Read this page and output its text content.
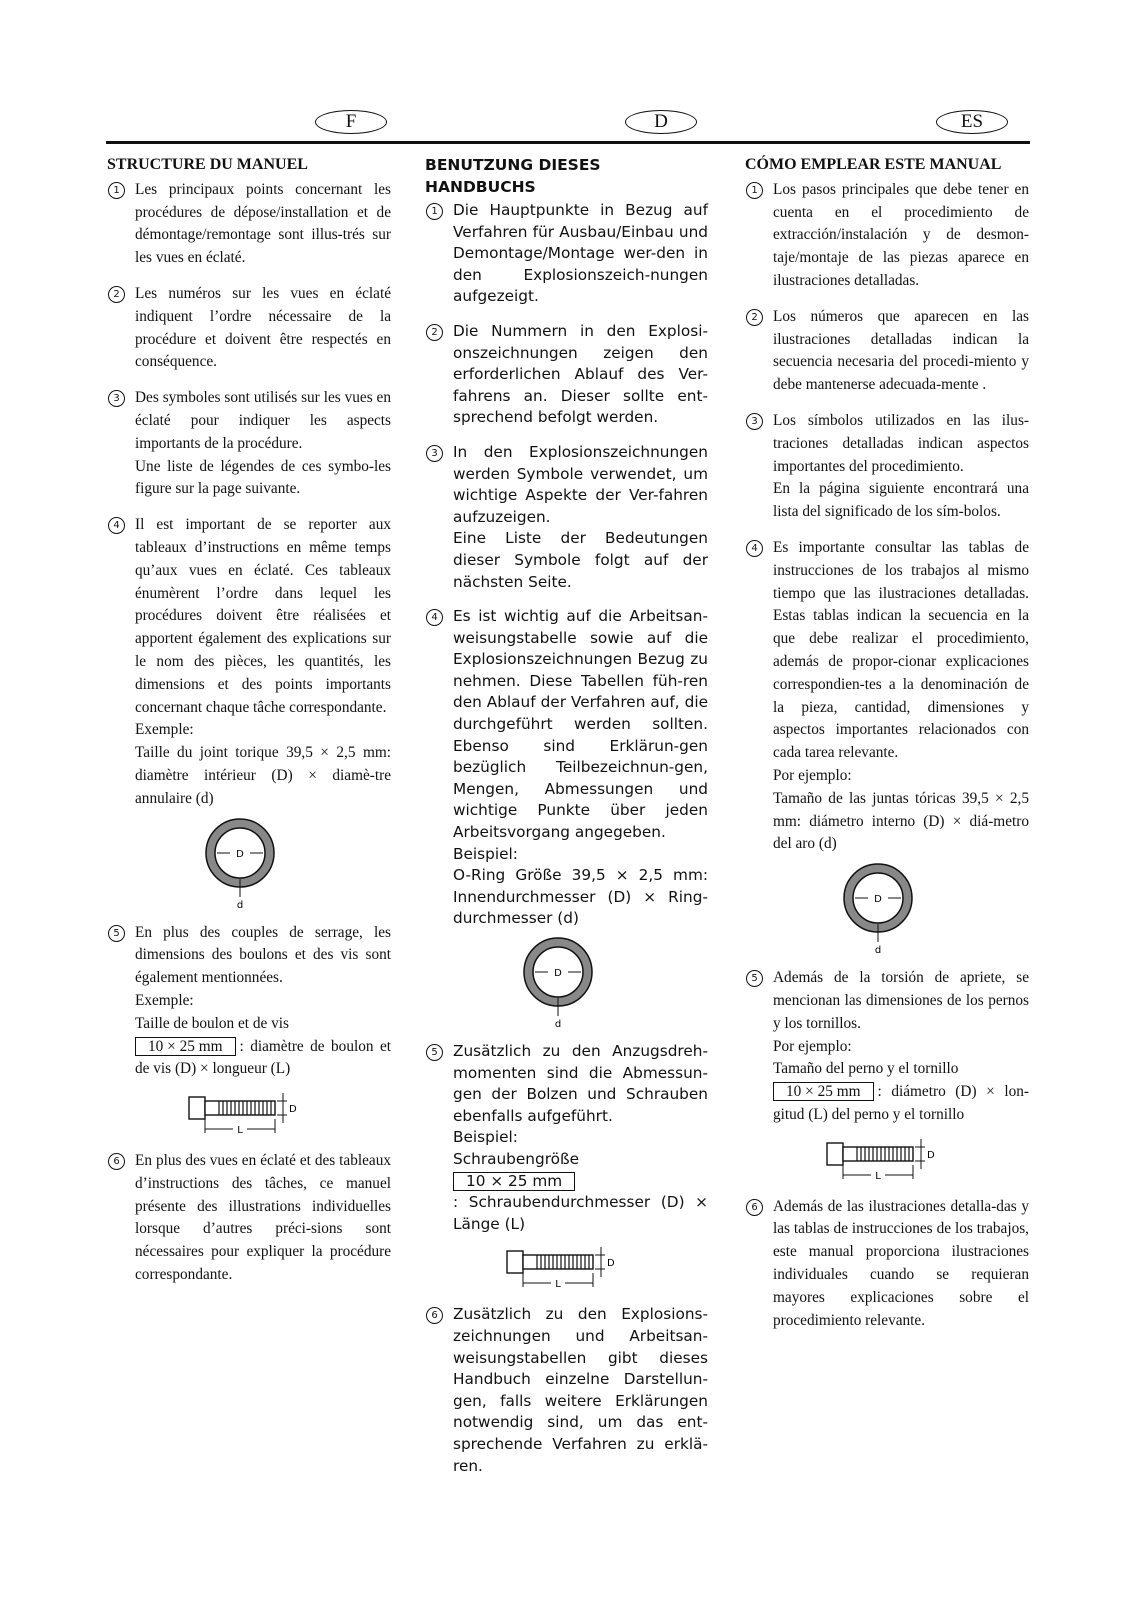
F	D	ES
STRUCTURE DU MANUEL
1	Les principaux points concernant les procédures de dépose/installation et de démontage/remontage sont illus-trés sur les vues en éclaté.
2	Les numéros sur les vues en éclaté indiquent l’ordre nécessaire de la procédure et doivent être respectés en conséquence.
3	Des symboles sont utilisés sur les vues en éclaté pour indiquer les aspects importants de la procédure.
Une liste de légendes de ces symbo-les figure sur la page suivante.
4	Il est important de se reporter aux tableaux d’instructions en même temps qu’aux vues en éclaté. Ces tableaux énumèrent l’ordre dans lequel les procédures doivent être réalisées et apportent également des explications sur le nom des pièces, les quantités, les dimensions et des points importants concernant chaque tâche correspondante.
Exemple:
Taille du joint torique 39,5 × 2,5 mm: diamètre intérieur (D) × diamè-tre annulaire (d)
D
d
5	En plus des couples de serrage, les dimensions des boulons et des vis sont également mentionnées.
Exemple:
Taille de boulon et de vis
10 × 25 mm : diamètre de boulon et de vis (D) × longueur (L)
D
L
6	En plus des vues en éclaté et des tableaux d’instructions des tâches, ce manuel présente des illustrations individuelles lorsque d’autres préci-sions sont nécessaires pour expliquer la procédure correspondante.
BENUTZUNG DIESES HANDBUCHS
1	Die Hauptpunkte in Bezug auf Verfahren für Ausbau/Einbau und Demontage/Montage wer-den in den Explosionszeich-nungen aufgezeigt.
2	Die Nummern in den Explosi-onszeichnungen zeigen den erforderlichen Ablauf des Ver-fahrens an. Dieser sollte ent-sprechend befolgt werden.
3	In den Explosionszeichnungen werden Symbole verwendet, um wichtige Aspekte der Ver-fahren aufzuzeigen.
Eine Liste der Bedeutungen dieser Symbole folgt auf der nächsten Seite.
4	Es ist wichtig auf die Arbeitsan-weisungstabelle sowie auf die Explosionszeichnungen Bezug zu nehmen. Diese Tabellen füh-ren den Ablauf der Verfahren auf, die durchgeführt werden sollten. Ebenso sind Erklärun-gen bezüglich Teilbezeichnun-gen, Mengen, Abmessungen und wichtige Punkte über jeden Arbeitsvorgang angegeben.
Beispiel:
O-Ring Größe 39,5 × 2,5 mm: Innendurchmesser (D) × Ring-durchmesser (d)
D
d
5	Zusätzlich zu den Anzugsdreh-momenten sind die Abmessun-gen der Bolzen und Schrauben ebenfalls aufgeführt.
Beispiel:
Schraubengröße 10 × 25 mm
: Schraubendurchmesser (D) × Länge (L)
D
L
6	Zusätzlich zu den Explosions-zeichnungen und Arbeitsan-weisungstabellen gibt dieses Handbuch einzelne Darstellun-gen, falls weitere Erklärungen notwendig sind, um das ent-sprechende Verfahren zu erklä-ren.
CÓMO EMPLEAR ESTE MANUAL
1	Los pasos principales que debe tener en cuenta en el procedimiento de extracción/instalación y de desmon-taje/montaje de las piezas aparece en ilustraciones detalladas.
2	Los números que aparecen en las ilustraciones detalladas indican la secuencia necesaria del procedi-miento y debe mantenerse adecuada-mente .
3	Los símbolos utilizados en las ilus-traciones detalladas indican aspectos importantes del procedimiento.
En la página siguiente encontrará una lista del significado de los sím-bolos.
4	Es importante consultar las tablas de instrucciones de los trabajos al mismo tiempo que las ilustraciones detalladas. Estas tablas indican la secuencia en la que debe realizar el procedimiento, además de propor-cionar explicaciones correspondien-tes a la denominación de la pieza, cantidad, dimensiones y aspectos importantes relacionados con cada tarea relevante.
Por ejemplo:
Tamaño de las juntas tóricas 39,5 × 2,5 mm: diámetro interno (D) × diá-metro del aro (d)
D
d
5	Además de la torsión de apriete, se mencionan las dimensiones de los pernos y los tornillos.
Por ejemplo:
Tamaño del perno y el tornillo
10 × 25 mm : diámetro (D) × lon-gitud (L) del perno y el tornillo
D
L
6	Además de las ilustraciones detalla-das y las tablas de instrucciones de los trabajos, este manual proporciona ilustraciones individuales cuando se requieran mayores explicaciones sobre el procedimiento relevante.
